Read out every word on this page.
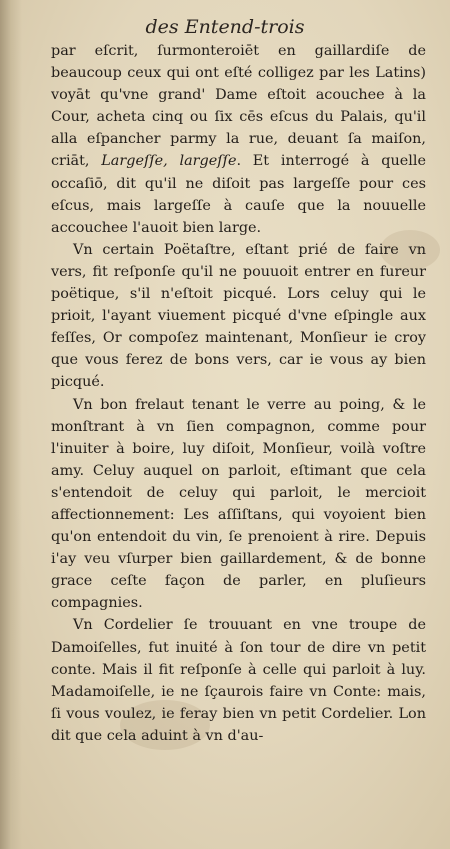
des Entend-trois

par eſcrit, ſurmonteroiēt en gaillardiſe de beaucoup ceux qui ont eſté colligez par les Latins) voyāt qu'vne grand' Dame eſtoit acouchee à la Cour, acheta cinq ou ſix cēs eſcus du Palais, qu'il alla eſpancher parmy la rue, deuant ſa maiſon, criāt, Largeſſe, largeſſe. Et interrogé à quelle occaſiō, dit qu'il ne diſoit pas largeſſe pour ces eſcus, mais largeſſe à cauſe que la nouuelle accouchee l'auoit bien large.

Vn certain Poëtaſtre, eſtant prié de faire vn vers, fit reſponſe qu'il ne pouuoit entrer en fureur poëtique, s'il n'eſtoit picqué. Lors celuy qui le prioit, l'ayant viuement picqué d'vne eſpingle aux feſſes, Or compoſez maintenant, Monſieur ie croy que vous ferez de bons vers, car ie vous ay bien picqué.

Vn bon frelaut tenant le verre au poing, & le monſtrant à vn ſien compagnon, comme pour l'inuiter à boire, luy diſoit, Monſieur, voilà voſtre amy. Celuy auquel on parloit, eſtimant que cela s'entendoit de celuy qui parloit, le mercioit affectionnement: Les aſſiſtans, qui voyoient bien qu'on entendoit du vin, ſe prenoient à rire. Depuis i'ay veu vſurper bien gaillardement, & de bonne grace ceſte façon de parler, en pluſieurs compagnies.

Vn Cordelier ſe trouuant en vne troupe de Damoiſelles, fut inuité à ſon tour de dire vn petit conte. Mais il fit reſponſe à celle qui parloit à luy. Madamoiſelle, ie ne ſçaurois faire vn Conte: mais, ſi vous voulez, ie feray bien vn petit Cordelier. Lon dit que cela aduint à vn d'au-
